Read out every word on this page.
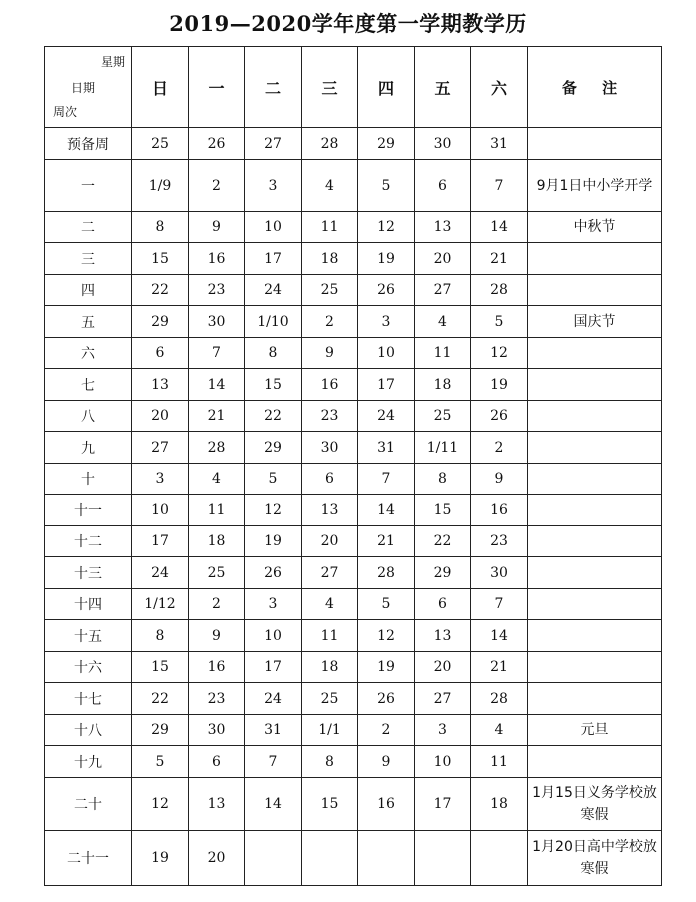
2019—2020学年度第一学期教学历
星期
日期
周次	日	一	二	三	四	五	六	备 注
预备周	25	26	27	28	29	30	31	
一	1/9	2	3	4	5	6	7	9月1日中小学开学
二	8	9	10	11	12	13	14	中秋节
三	15	16	17	18	19	20	21	
四	22	23	24	25	26	27	28	
五	29	30	1/10	2	3	4	5	国庆节
六	6	7	8	9	10	11	12	
七	13	14	15	16	17	18	19	
八	20	21	22	23	24	25	26	
九	27	28	29	30	31	1/11	2	
十	3	4	5	6	7	8	9	
十一	10	11	12	13	14	15	16	
十二	17	18	19	20	21	22	23	
十三	24	25	26	27	28	29	30	
十四	1/12	2	3	4	5	6	7	
十五	8	9	10	11	12	13	14	
十六	15	16	17	18	19	20	21	
十七	22	23	24	25	26	27	28	
十八	29	30	31	1/1	2	3	4	元旦
十九	5	6	7	8	9	10	11	
二十	12	13	14	15	16	17	18	1月15日义务学校放寒假
二十一	19	20						1月20日高中学校放寒假
